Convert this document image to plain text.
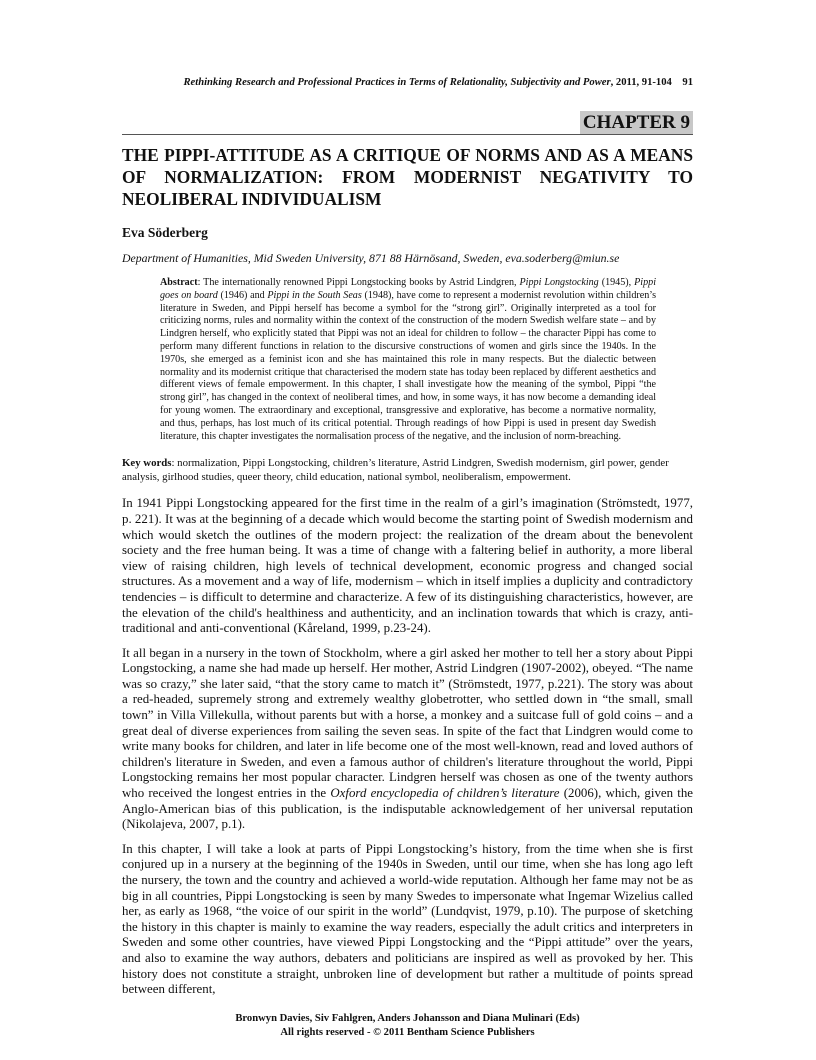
Rethinking Research and Professional Practices in Terms of Relationality, Subjectivity and Power, 2011, 91-104 91
CHAPTER 9
THE PIPPI-ATTITUDE AS A CRITIQUE OF NORMS AND AS A MEANS OF NORMALIZATION: FROM MODERNIST NEGATIVITY TO NEOLIBERAL INDIVIDUALISM
Eva Söderberg
Department of Humanities, Mid Sweden University, 871 88 Härnösand, Sweden, eva.soderberg@miun.se
Abstract: The internationally renowned Pippi Longstocking books by Astrid Lindgren, Pippi Longstocking (1945), Pippi goes on board (1946) and Pippi in the South Seas (1948), have come to represent a modernist revolution within children’s literature in Sweden, and Pippi herself has become a symbol for the “strong girl”. Originally interpreted as a tool for criticizing norms, rules and normality within the context of the construction of the modern Swedish welfare state – and by Lindgren herself, who explicitly stated that Pippi was not an ideal for children to follow – the character Pippi has come to perform many different functions in relation to the discursive constructions of women and girls since the 1940s. In the 1970s, she emerged as a feminist icon and she has maintained this role in many respects. But the dialectic between normality and its modernist critique that characterised the modern state has today been replaced by different aesthetics and different views of female empowerment. In this chapter, I shall investigate how the meaning of the symbol, Pippi “the strong girl”, has changed in the context of neoliberal times, and how, in some ways, it has now become a demanding ideal for young women. The extraordinary and exceptional, transgressive and explorative, has become a normative normality, and thus, perhaps, has lost much of its critical potential. Through readings of how Pippi is used in present day Swedish literature, this chapter investigates the normalisation process of the negative, and the inclusion of norm-breaching.
Key words: normalization, Pippi Longstocking, children’s literature, Astrid Lindgren, Swedish modernism, girl power, gender analysis, girlhood studies, queer theory, child education, national symbol, neoliberalism, empowerment.
In 1941 Pippi Longstocking appeared for the first time in the realm of a girl’s imagination (Strömstedt, 1977, p. 221). It was at the beginning of a decade which would become the starting point of Swedish modernism and which would sketch the outlines of the modern project: the realization of the dream about the benevolent society and the free human being. It was a time of change with a faltering belief in authority, a more liberal view of raising children, high levels of technical development, economic progress and changed social structures. As a movement and a way of life, modernism – which in itself implies a duplicity and contradictory tendencies – is difficult to determine and characterize. A few of its distinguishing characteristics, however, are the elevation of the child's healthiness and authenticity, and an inclination towards that which is crazy, anti-traditional and anti-conventional (Kåreland, 1999, p.23-24).
It all began in a nursery in the town of Stockholm, where a girl asked her mother to tell her a story about Pippi Longstocking, a name she had made up herself. Her mother, Astrid Lindgren (1907-2002), obeyed. “The name was so crazy,” she later said, “that the story came to match it” (Strömstedt, 1977, p.221). The story was about a red-headed, supremely strong and extremely wealthy globetrotter, who settled down in “the small, small town” in Villa Villekulla, without parents but with a horse, a monkey and a suitcase full of gold coins – and a great deal of diverse experiences from sailing the seven seas. In spite of the fact that Lindgren would come to write many books for children, and later in life become one of the most well-known, read and loved authors of children's literature in Sweden, and even a famous author of children's literature throughout the world, Pippi Longstocking remains her most popular character. Lindgren herself was chosen as one of the twenty authors who received the longest entries in the Oxford encyclopedia of children’s literature (2006), which, given the Anglo-American bias of this publication, is the indisputable acknowledgement of her universal reputation (Nikolajeva, 2007, p.1).
In this chapter, I will take a look at parts of Pippi Longstocking’s history, from the time when she is first conjured up in a nursery at the beginning of the 1940s in Sweden, until our time, when she has long ago left the nursery, the town and the country and achieved a world-wide reputation. Although her fame may not be as big in all countries, Pippi Longstocking is seen by many Swedes to impersonate what Ingemar Wizelius called her, as early as 1968, “the voice of our spirit in the world” (Lundqvist, 1979, p.10). The purpose of sketching the history in this chapter is mainly to examine the way readers, especially the adult critics and interpreters in Sweden and some other countries, have viewed Pippi Longstocking and the “Pippi attitude” over the years, and also to examine the way authors, debaters and politicians are inspired as well as provoked by her. This history does not constitute a straight, unbroken line of development but rather a multitude of points spread between different,
Bronwyn Davies, Siv Fahlgren, Anders Johansson and Diana Mulinari (Eds)
All rights reserved - © 2011 Bentham Science Publishers
